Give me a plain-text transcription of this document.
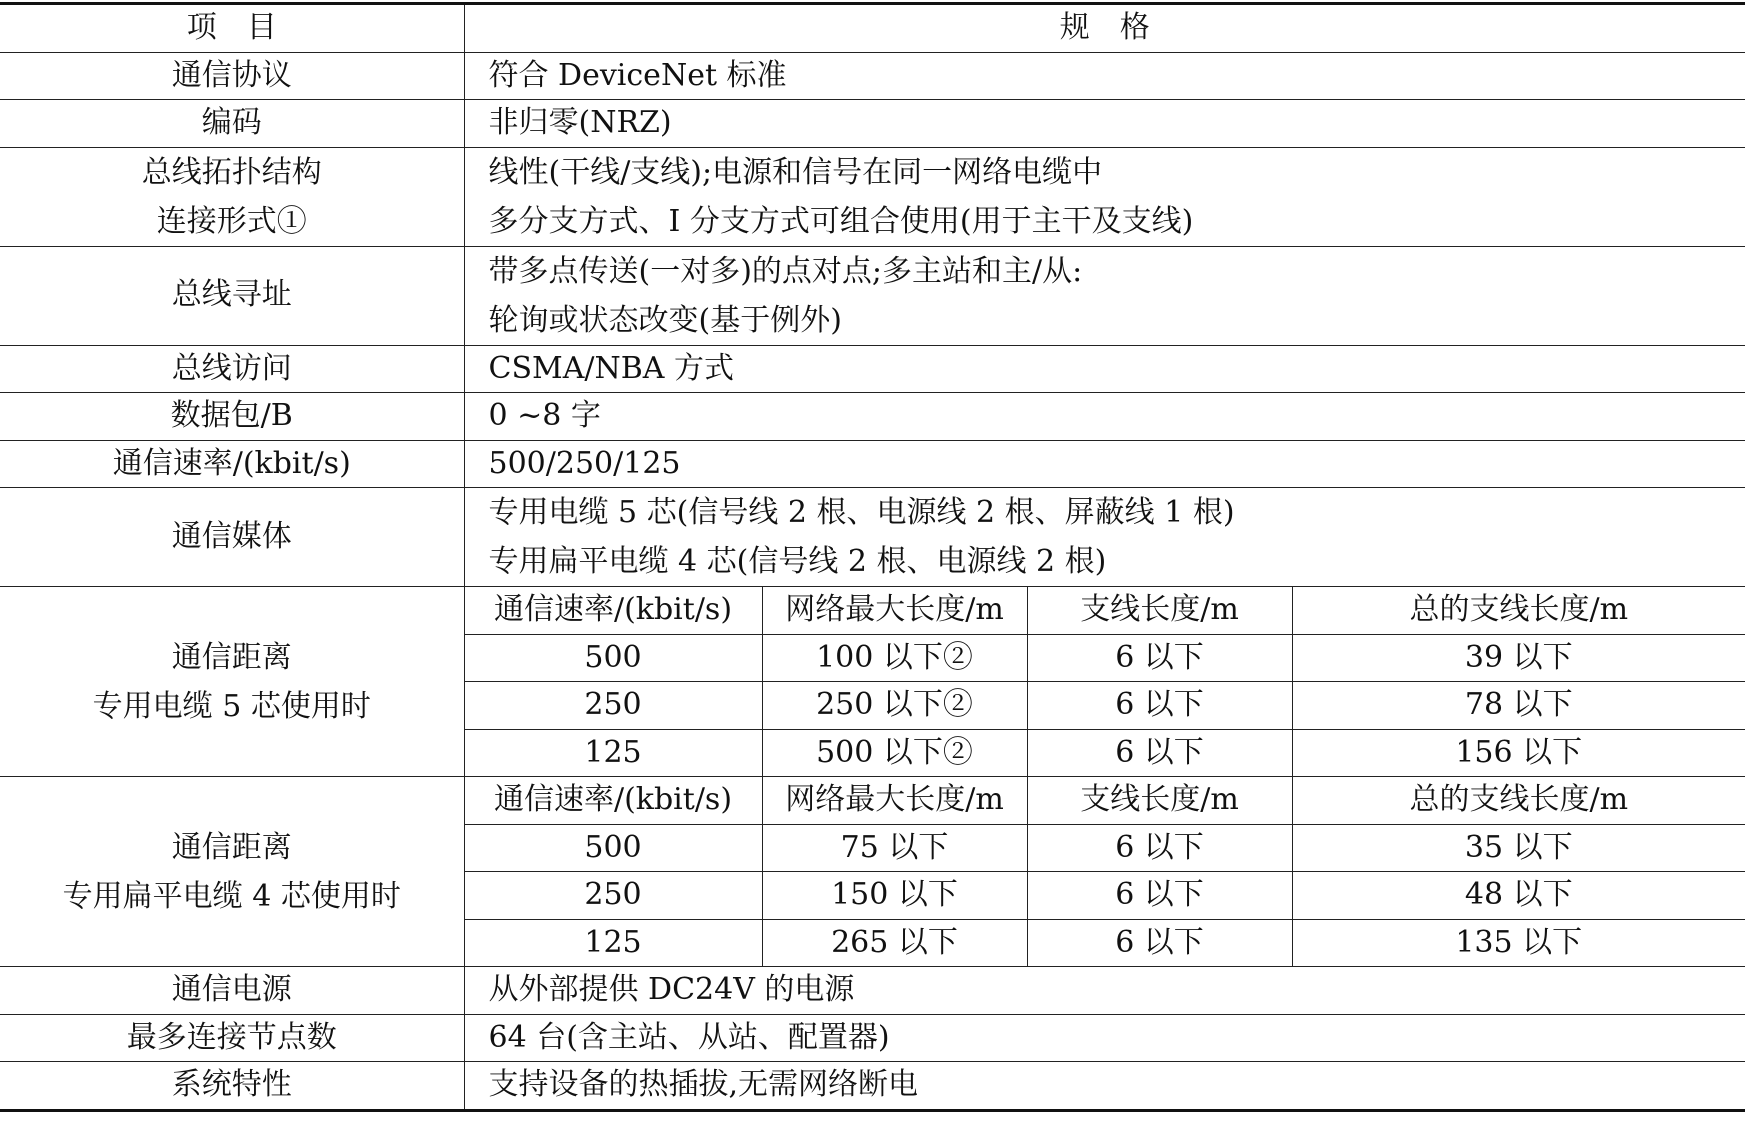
项　目	规　格			
通信协议	符合 DeviceNet 标准			
编码	非归零(NRZ)			

总线拓扑结构
连接形式①	线性(干线/支线);电源和信号在同一网络电缆中
多分支方式、I 分支方式可组合使用(用于主干及支线)			

总线寻址	带多点传送(一对多)的点对点;多主站和主/从:
轮询或状态改变(基于例外)			

总线访问	CSMA/NBA 方式			
数据包/B	0 ~8 字			
通信速率/(kbit/s)	500/250/125			
通信媒体	专用电缆 5 芯(信号线 2 根、电源线 2 根、屏蔽线 1 根)
专用扁平电缆 4 芯(信号线 2 根、电源线 2 根)			

通信距离
专用电缆 5 芯使用时	通信速率/(kbit/s)	网络最大长度/m	支线长度/m	总的支线长度/m
	500	100 以下②	6 以下	39 以下
	250	250 以下②	6 以下	78 以下
	125	500 以下②	6 以下	156 以下

通信距离
专用扁平电缆 4 芯使用时	通信速率/(kbit/s)	网络最大长度/m	支线长度/m	总的支线长度/m
	500	75 以下	6 以下	35 以下
	250	150 以下	6 以下	48 以下
	125	265 以下	6 以下	135 以下
通信电源	从外部提供 DC24V 的电源			
最多连接节点数	64 台(含主站、从站、配置器)			
系统特性	支持设备的热插拔,无需网络断电			
